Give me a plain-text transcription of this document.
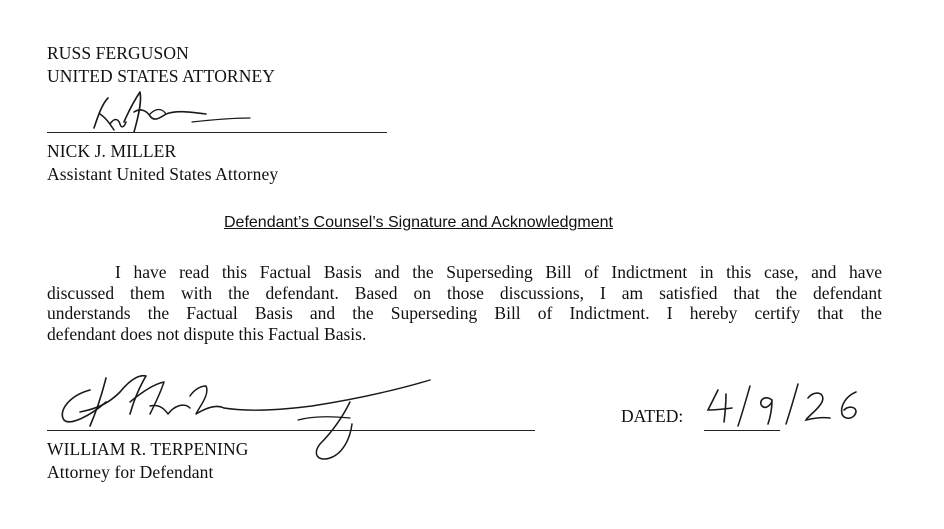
RUSS FERGUSON
UNITED STATES ATTORNEY
NICK J. MILLER
Assistant United States Attorney
Defendant’s Counsel’s Signature and Acknowledgment
I have read this Factual Basis and the Superseding Bill of Indictment in this case, and have
discussed them with the defendant. Based on those discussions, I am satisfied that the defendant
understands the Factual Basis and the Superseding Bill of Indictment. I hereby certify that the
defendant does not dispute this Factual Basis.
WILLIAM R. TERPENING
Attorney for Defendant
DATED:
